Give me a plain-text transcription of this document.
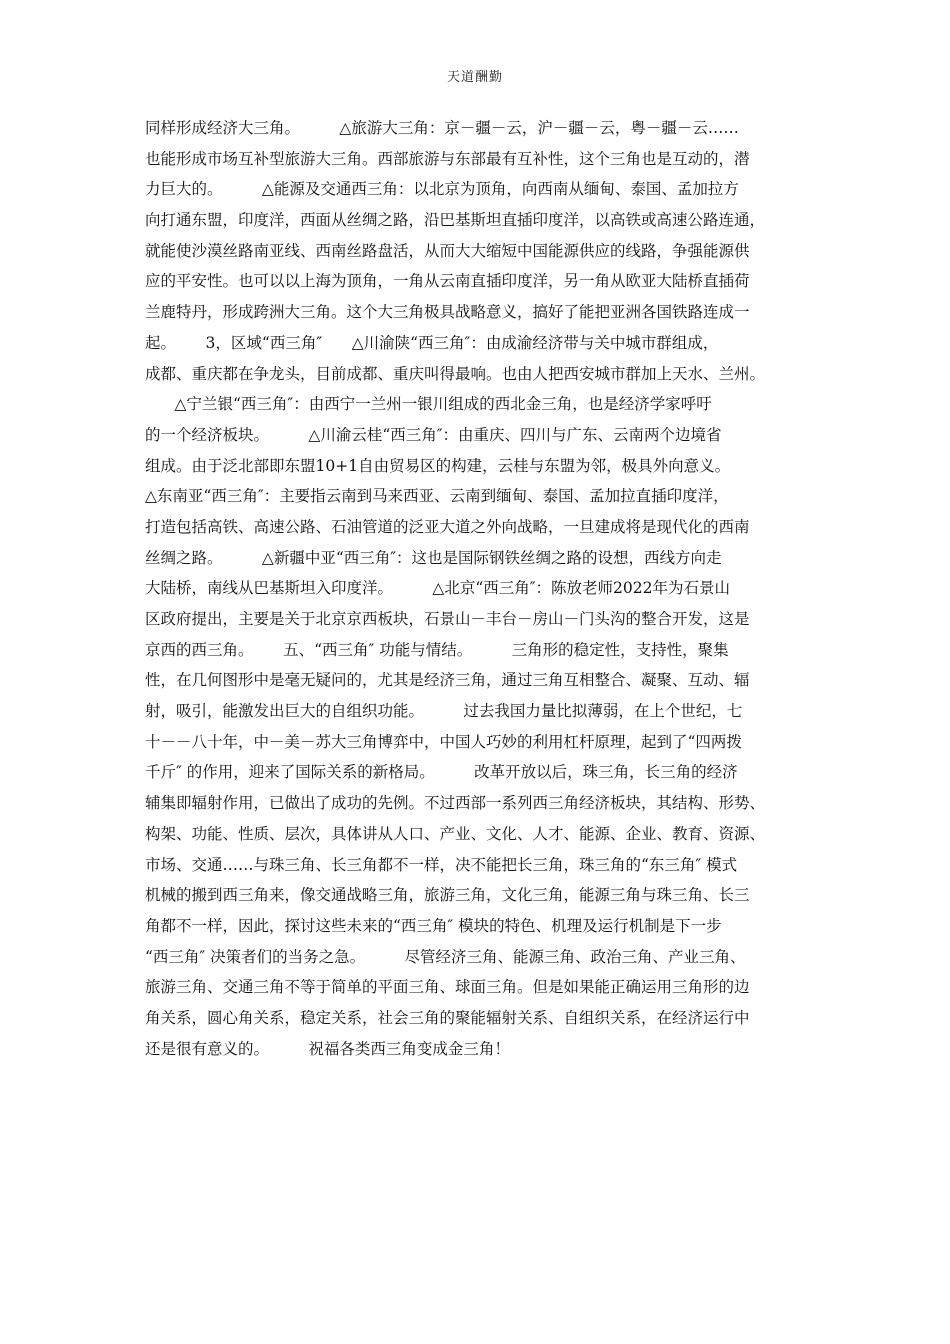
天道酬勤
同样形成经济大三角。        △旅游大三角：京－疆－云，沪－疆－云，粤－疆－云……
也能形成市场互补型旅游大三角。西部旅游与东部最有互补性，这个三角也是互动的，潜
力巨大的。        △能源及交通西三角：以北京为顶角，向西南从缅甸、泰国、孟加拉方
向打通东盟，印度洋，西面从丝绸之路，沿巴基斯坦直插印度洋，以高铁或高速公路连通，
就能使沙漠丝路南亚线、西南丝路盘活，从而大大缩短中国能源供应的线路，争强能源供
应的平安性。也可以以上海为顶角，一角从云南直插印度洋，另一角从欧亚大陆桥直插荷
兰鹿特丹，形成跨洲大三角。这个大三角极具战略意义，搞好了能把亚洲各国铁路连成一
起。      3，区域“西三角″      △川渝陕“西三角″：由成渝经济带与关中城市群组成，
成都、重庆都在争龙头，目前成都、重庆叫得最响。也由人把西安城市群加上天水、兰州。
△宁兰银“西三角″：由西宁一兰州一银川组成的西北金三角，也是经济学家呼吁
的一个经济板块。        △川渝云桂“西三角″：由重庆、四川与广东、云南两个边境省
组成。由于泛北部即东盟10+1自由贸易区的构建，云桂与东盟为邻，极具外向意义。
△东南亚“西三角″：主要指云南到马来西亚、云南到缅甸、泰国、孟加拉直插印度洋，
打造包括高铁、高速公路、石油管道的泛亚大道之外向战略，一旦建成将是现代化的西南
丝绸之路。        △新疆中亚“西三角″：这也是国际钢铁丝绸之路的设想，西线方向走
大陆桥，南线从巴基斯坦入印度洋。        △北京“西三角″：陈放老师2022年为石景山
区政府提出，主要是关于北京京西板块，石景山－丰台－房山－门头沟的整合开发，这是
京西的西三角。      五、“西三角″ 功能与情结。        三角形的稳定性，支持性，聚集
性，在几何图形中是毫无疑问的，尤其是经济三角，通过三角互相整合、凝聚、互动、辐
射，吸引，能激发出巨大的自组织功能。        过去我国力量比拟薄弱，在上个世纪，七
十－－八十年，中－美－苏大三角博弈中，中国人巧妙的利用杠杆原理，起到了“四两拨
千斤″ 的作用，迎来了国际关系的新格局。        改革开放以后，珠三角，长三角的经济
辅集即辐射作用，已做出了成功的先例。不过西部一系列西三角经济板块，其结构、形势、
构架、功能、性质、层次，具体讲从人口、产业、文化、人才、能源、企业、教育、资源、
市场、交通……与珠三角、长三角都不一样，决不能把长三角，珠三角的“东三角″ 模式
机械的搬到西三角来，像交通战略三角，旅游三角，文化三角，能源三角与珠三角、长三
角都不一样，因此，探讨这些未来的“西三角″ 模块的特色、机理及运行机制是下一步
“西三角″ 决策者们的当务之急。        尽管经济三角、能源三角、政治三角、产业三角、
旅游三角、交通三角不等于简单的平面三角、球面三角。但是如果能正确运用三角形的边
角关系，圆心角关系，稳定关系，社会三角的聚能辐射关系、自组织关系，在经济运行中
还是很有意义的。        祝福各类西三角变成金三角！
